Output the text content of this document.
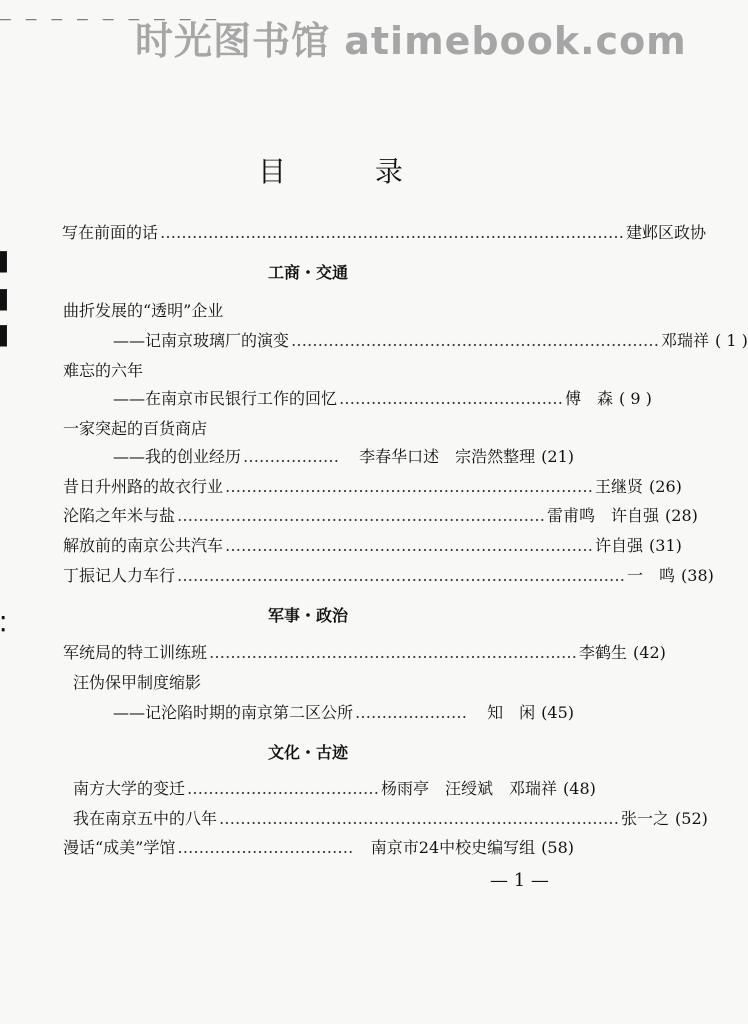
_ _ _ _ _ _ _ _ _
时光图书馆 atimebook.com
目 录
▌
▌
▌
⁚
写在前面的话 …………………………………………………………………………… 建邺区政协
工商・交通
曲折发展的“透明”企业
——记南京玻璃厂的演变 …………………………………………………………… 邓瑞祥 ( 1 )
难忘的六年
——在南京市民银行工作的回忆 …………………………………… 傅　森 ( 9 )
一家突起的百货商店
——我的创业经历 ………………	李春华口述　宗浩然整理 (21)
昔日升州路的故衣行业 …………………………………………………………… 王继贤 (26)
沦陷之年米与盐 …………………………………………………………… 雷甫鸣　许自强 (28)
解放前的南京公共汽车 …………………………………………………………… 许自强 (31)
丁振记人力车行 ………………………………………………………………………… 一　鸣 (38)
军事・政治
军统局的特工训练班 …………………………………………………………… 李鹤生 (42)
汪伪保甲制度缩影
——记沦陷时期的南京第二区公所 …………………	知　闲 (45)
文化・古迹
南方大学的变迁 ……………………………… 杨雨亭　汪绶斌　邓瑞祥 (48)
我在南京五中的八年 ………………………………………………………………… 张一之 (52)
漫话“成美”学馆 ……………………………	南京市24中校史编写组 (58)
— 1 —
